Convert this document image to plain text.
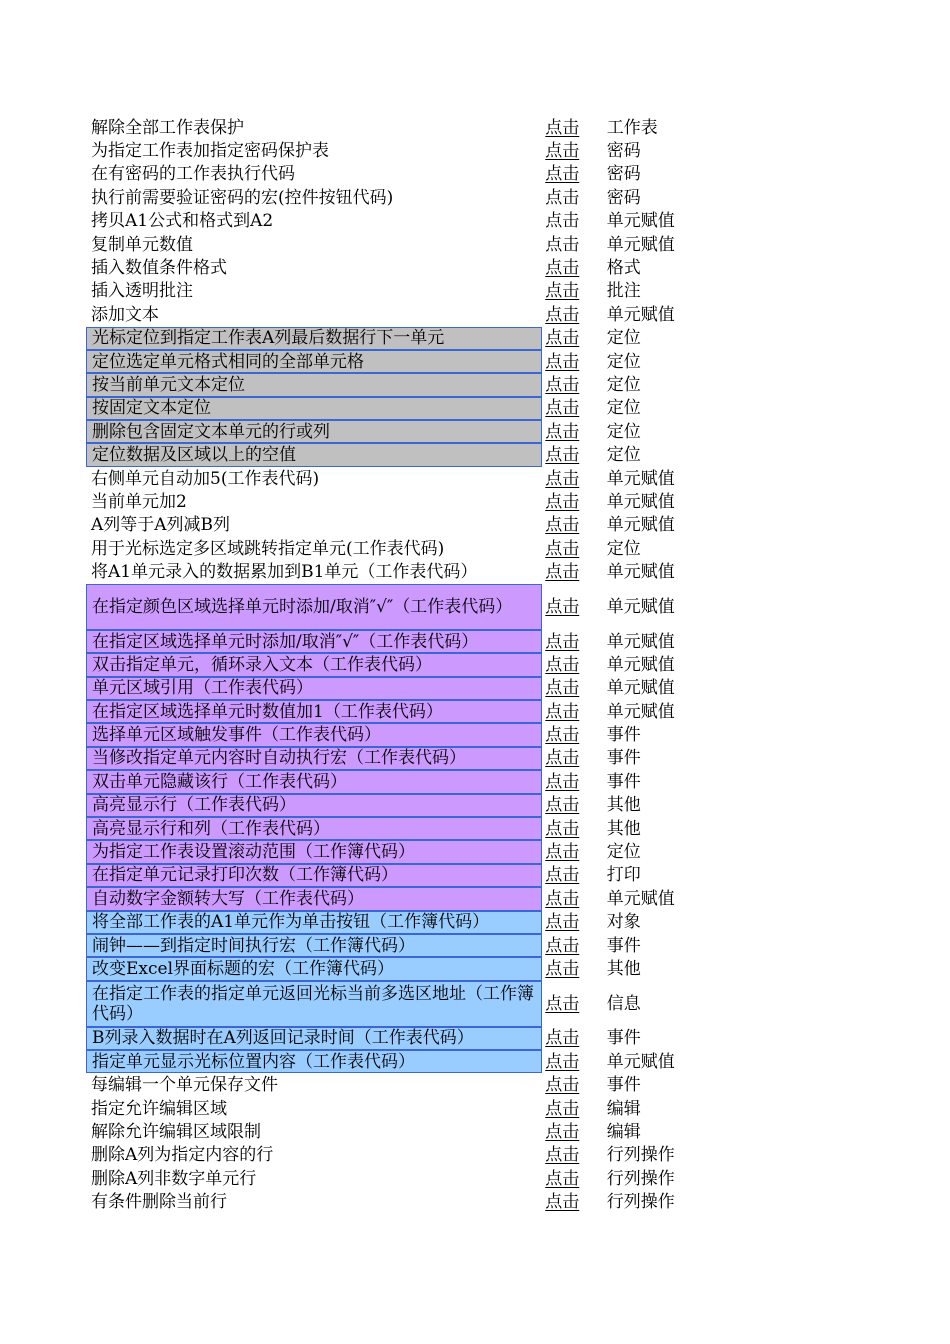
解除全部工作表保护	点击 工作表
为指定工作表加指定密码保护表	点击 密码
在有密码的工作表执行代码	点击 密码
执行前需要验证密码的宏(控件按钮代码)	点击 密码
拷贝A1公式和格式到A2	点击 单元赋值
复制单元数值	点击 单元赋值
插入数值条件格式	点击 格式
插入透明批注	点击 批注
添加文本	点击 单元赋值
光标定位到指定工作表A列最后数据行下一单元	点击 定位
定位选定单元格式相同的全部单元格	点击 定位
按当前单元文本定位	点击 定位
按固定文本定位	点击 定位
删除包含固定文本单元的行或列	点击 定位
定位数据及区域以上的空值	点击 定位
右侧单元自动加5(工作表代码)	点击 单元赋值
当前单元加2	点击 单元赋值
A列等于A列减B列	点击 单元赋值
用于光标选定多区域跳转指定单元(工作表代码)	点击 定位
将A1单元录入的数据累加到B1单元（工作表代码）	点击 单元赋值
在指定颜色区域选择单元时添加/取消″√″（工作表代码）	点击 单元赋值
在指定区域选择单元时添加/取消″√″（工作表代码）	点击 单元赋值
双击指定单元，循环录入文本（工作表代码）	点击 单元赋值
单元区域引用（工作表代码）	点击 单元赋值
在指定区域选择单元时数值加1（工作表代码）	点击 单元赋值
选择单元区域触发事件（工作表代码）	点击 事件
当修改指定单元内容时自动执行宏（工作表代码）	点击 事件
双击单元隐藏该行（工作表代码）	点击 事件
高亮显示行（工作表代码）	点击 其他
高亮显示行和列（工作表代码）	点击 其他
为指定工作表设置滚动范围（工作簿代码）	点击 定位
在指定单元记录打印次数（工作簿代码）	点击 打印
自动数字金额转大写（工作表代码）	点击 单元赋值
将全部工作表的A1单元作为单击按钮（工作簿代码）	点击 对象
闹钟——到指定时间执行宏（工作簿代码）	点击 事件
改变Excel界面标题的宏（工作簿代码）	点击 其他
在指定工作表的指定单元返回光标当前多选区地址（工作簿代码）	点击 信息
B列录入数据时在A列返回记录时间（工作表代码）	点击 事件
指定单元显示光标位置内容（工作表代码）	点击 单元赋值
每编辑一个单元保存文件	点击 事件
指定允许编辑区域	点击 编辑
解除允许编辑区域限制	点击 编辑
删除A列为指定内容的行	点击 行列操作
删除A列非数字单元行	点击 行列操作
有条件删除当前行	点击 行列操作
